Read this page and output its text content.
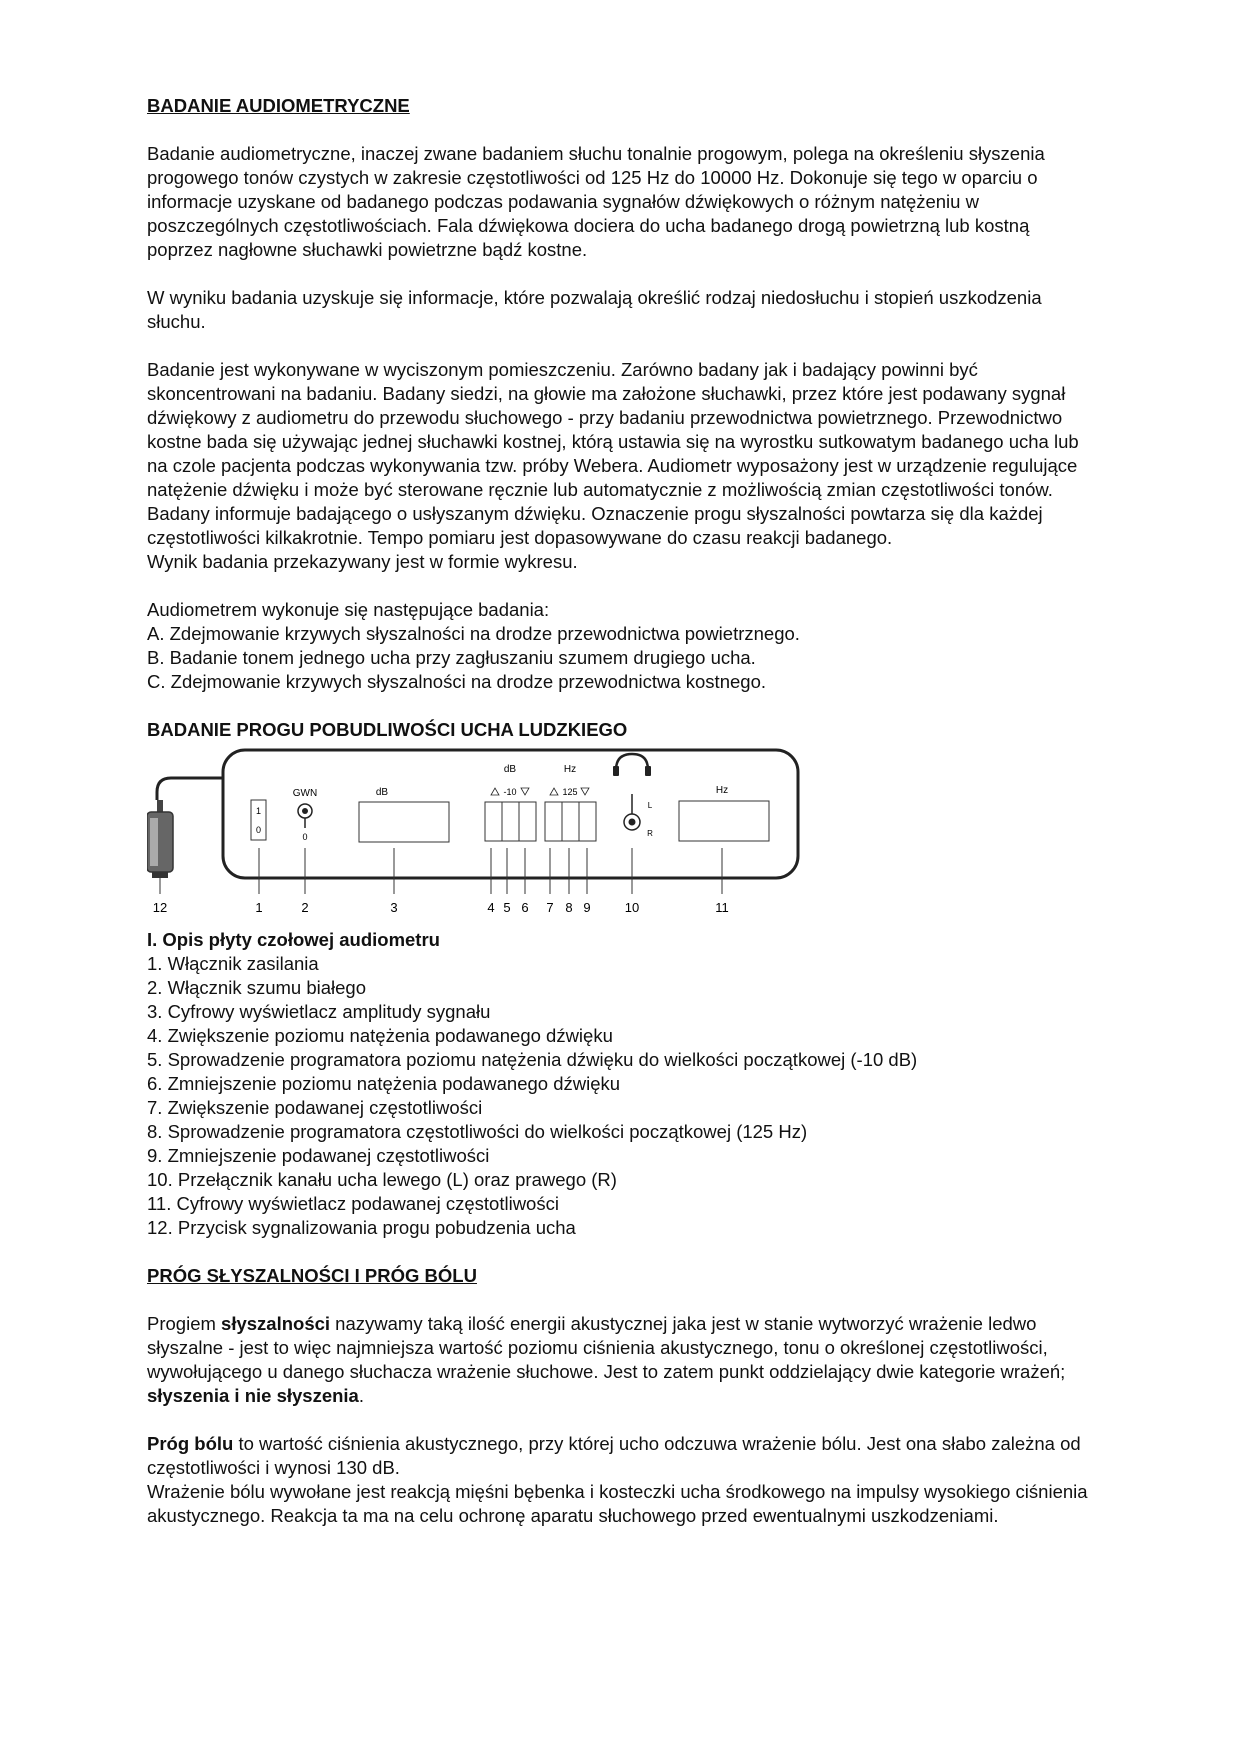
BADANIE AUDIOMETRYCZNE

Badanie audiometryczne, inaczej zwane badaniem słuchu tonalnie progowym, polega na określeniu słyszenia progowego tonów czystych w zakresie częstotliwości od 125 Hz do 10000 Hz. Dokonuje się tego w oparciu o informacje uzyskane od badanego podczas podawania sygnałów dźwiękowych o różnym natężeniu w poszczególnych częstotliwościach. Fala dźwiękowa dociera do ucha badanego drogą powietrzną lub kostną poprzez nagłowne słuchawki powietrzne bądź kostne.

W wyniku badania uzyskuje się informacje, które pozwalają określić rodzaj niedosłuchu i stopień uszkodzenia słuchu.

Badanie jest wykonywane w wyciszonym pomieszczeniu. Zarówno badany jak i badający powinni być skoncentrowani na badaniu. Badany siedzi, na głowie ma założone słuchawki, przez które jest podawany sygnał dźwiękowy z audiometru do przewodu słuchowego - przy badaniu przewodnictwa powietrznego. Przewodnictwo kostne bada się używając jednej słuchawki kostnej, którą ustawia się na wyrostku sutkowatym badanego ucha lub na czole pacjenta podczas wykonywania tzw. próby Webera. Audiometr wyposażony jest w urządzenie regulujące natężenie dźwięku i może być sterowane ręcznie lub automatycznie z możliwością zmian częstotliwości tonów. Badany informuje badającego o usłyszanym dźwięku. Oznaczenie progu słyszalności powtarza się dla każdej częstotliwości kilkakrotnie. Tempo pomiaru jest dopasowywane do czasu reakcji badanego.

Wynik badania przekazywany jest w formie wykresu.

Audiometrem wykonuje się następujące badania:

A. Zdejmowanie krzywych słyszalności na drodze przewodnictwa powietrznego.

B. Badanie tonem jednego ucha przy zagłuszaniu szumem drugiego ucha.

C. Zdejmowanie krzywych słyszalności na drodze przewodnictwa kostnego.

BADANIE PROGU POBUDLIWOŚCI UCHA LUDZKIEGO

1
0
GWN
0
dB
dB	Hz
-10	125
L
R
Hz
12	1	2	3	4 5 6 7 8 9	10	11

I. Opis płyty czołowej audiometru

1. Włącznik zasilania

2. Włącznik szumu białego

3. Cyfrowy wyświetlacz amplitudy sygnału

4. Zwiększenie poziomu natężenia podawanego dźwięku

5. Sprowadzenie programatora poziomu natężenia dźwięku do wielkości początkowej (-10 dB)

6. Zmniejszenie poziomu natężenia podawanego dźwięku

7. Zwiększenie podawanej częstotliwości

8. Sprowadzenie programatora częstotliwości do wielkości początkowej (125 Hz)

9. Zmniejszenie podawanej częstotliwości

10. Przełącznik kanału ucha lewego (L) oraz prawego (R)

11. Cyfrowy wyświetlacz podawanej częstotliwości

12. Przycisk sygnalizowania progu pobudzenia ucha

PRÓG SŁYSZALNOŚCI I PRÓG BÓLU

Progiem słyszalności nazywamy taką ilość energii akustycznej jaka jest w stanie wytworzyć wrażenie ledwo słyszalne - jest to więc najmniejsza wartość poziomu ciśnienia akustycznego, tonu o określonej częstotliwości, wywołującego u danego słuchacza wrażenie słuchowe. Jest to zatem punkt oddzielający dwie kategorie wrażeń; słyszenia i nie słyszenia.

Próg bólu to wartość ciśnienia akustycznego, przy której ucho odczuwa wrażenie bólu. Jest ona słabo zależna od częstotliwości i wynosi 130 dB.

Wrażenie bólu wywołane jest reakcją mięśni bębenka i kosteczki ucha środkowego na impulsy wysokiego ciśnienia akustycznego. Reakcja ta ma na celu ochronę aparatu słuchowego przed ewentualnymi uszkodzeniami.
